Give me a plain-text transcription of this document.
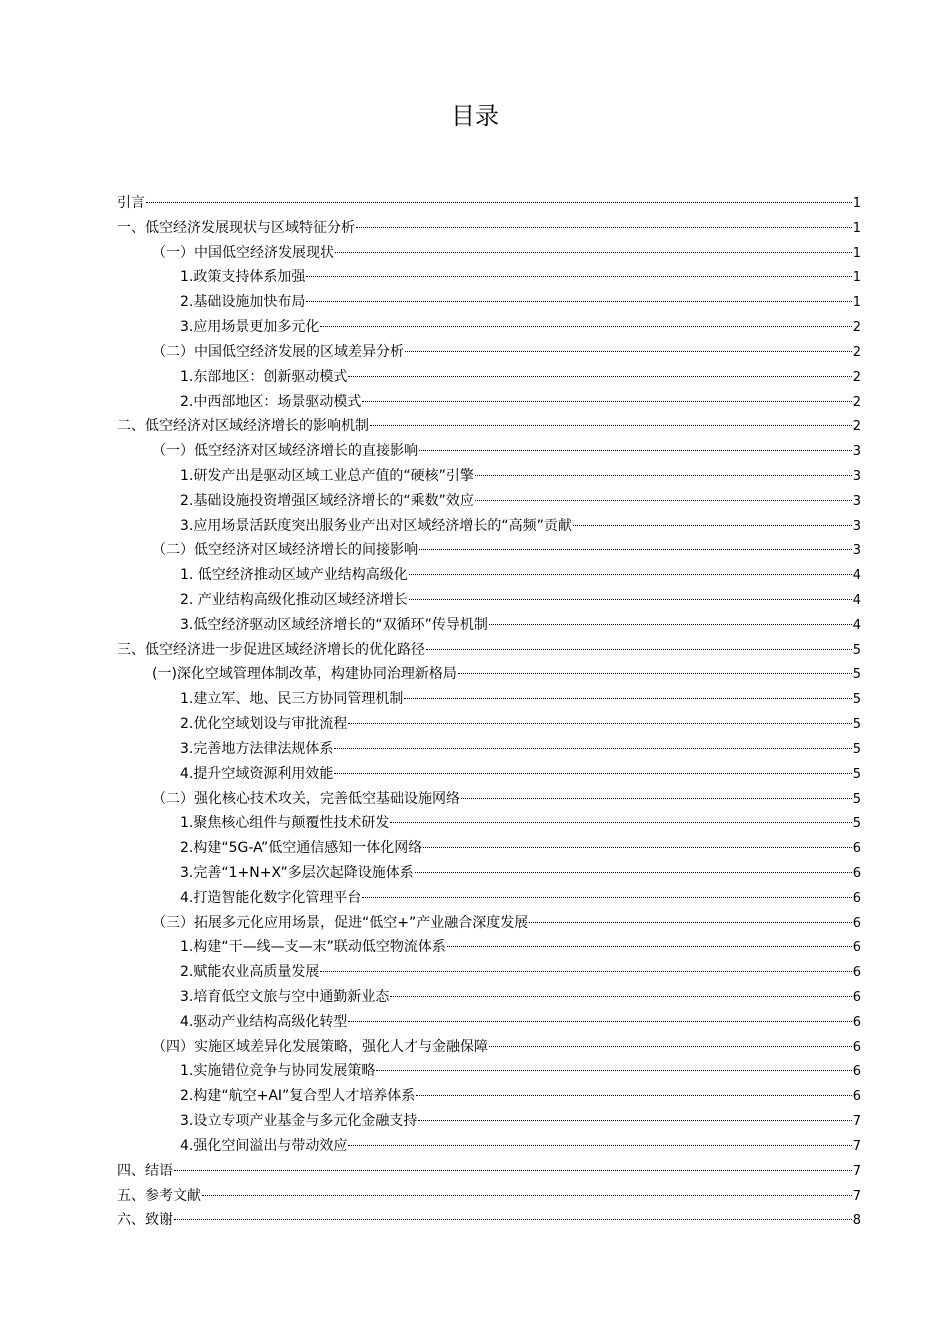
目录
引言	1
一、低空经济发展现状与区域特征分析	1
（一）中国低空经济发展现状	1
1.政策支持体系加强	1
2.基础设施加快布局	1
3.应用场景更加多元化	2
（二）中国低空经济发展的区域差异分析	2
1.东部地区：创新驱动模式	2
2.中西部地区：场景驱动模式	2
二、低空经济对区域经济增长的影响机制	2
（一）低空经济对区域经济增长的直接影响	3
1.研发产出是驱动区域工业总产值的“硬核”引擎	3
2.基础设施投资增强区域经济增长的“乘数”效应	3
3.应用场景活跃度突出服务业产出对区域经济增长的“高频”贡献	3
（二）低空经济对区域经济增长的间接影响	3
1. 低空经济推动区域产业结构高级化	4
2. 产业结构高级化推动区域经济增长	4
3.低空经济驱动区域经济增长的“双循环”传导机制	4
三、低空经济进一步促进区域经济增长的优化路径	5
(一)深化空域管理体制改革，构建协同治理新格局	5
1.建立军、地、民三方协同管理机制	5
2.优化空域划设与审批流程	5
3.完善地方法律法规体系	5
4.提升空域资源利用效能	5
（二）强化核心技术攻关，完善低空基础设施网络	5
1.聚焦核心组件与颠覆性技术研发	5
2.构建“5G-A”低空通信感知一体化网络	6
3.完善“1+N+X”多层次起降设施体系	6
4.打造智能化数字化管理平台	6
（三）拓展多元化应用场景，促进“低空+”产业融合深度发展	6
1.构建“干—线—支—末”联动低空物流体系	6
2.赋能农业高质量发展	6
3.培育低空文旅与空中通勤新业态	6
4.驱动产业结构高级化转型	6
（四）实施区域差异化发展策略，强化人才与金融保障	6
1.实施错位竞争与协同发展策略	6
2.构建“航空+AI”复合型人才培养体系	6
3.设立专项产业基金与多元化金融支持	7
4.强化空间溢出与带动效应	7
四、结语	7
五、参考文献	7
六、致谢	8
